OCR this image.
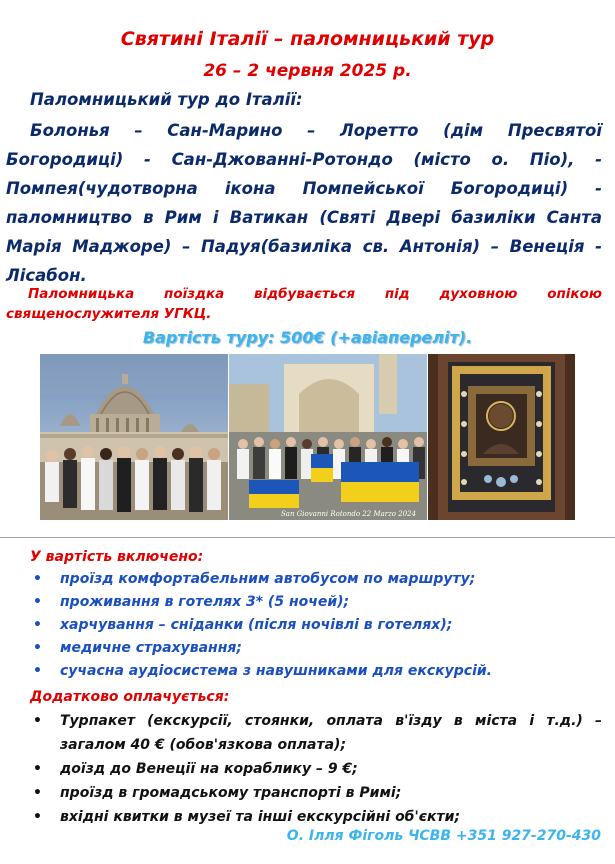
Святині Італії – паломницький тур
26 – 2 червня 2025 р.
Паломницький тур до Італії:

Болонья – Сан-Марино – Лоретто (дім Пресвятої Богородиці) - Сан-Джованні-Ротондо (місто о. Піо), - Помпея(чудотворна ікона Помпейської Богородиці) - паломництво в Рим і Ватикан (Святі Двері базиліки Санта Марія Маджоре) – Падуя(базиліка св. Антонія) – Венеція - Лісабон.

Паломницька поїздка відбувається під духовною опікою священослужителя УГКЦ.

Вартість туру: 500€ (+авіапереліт).
San Giovanni Rotondo 22 Marzo 2024
У вартість включено:
• проїзд комфортабельним автобусом по маршруту;
• проживання в готелях 3* (5 ночей);
• харчування – сніданки (після ночівлі в готелях);
• медичне страхування;
• сучасна аудіосистема з навушниками для екскурсій.
Додатково оплачується:
• Турпакет (екскурсії, стоянки, оплата в'їзду в міста і т.д.) – загалом 40 € (обов'язкова оплата);
• доїзд до Венеції на кораблику – 9 €;
• проїзд в громадському транспорті в Римі;
• вхідні квитки в музеї та інші екскурсійні об'єкти;
О. Ілля Фіголь ЧСВВ +351 927-270-430
